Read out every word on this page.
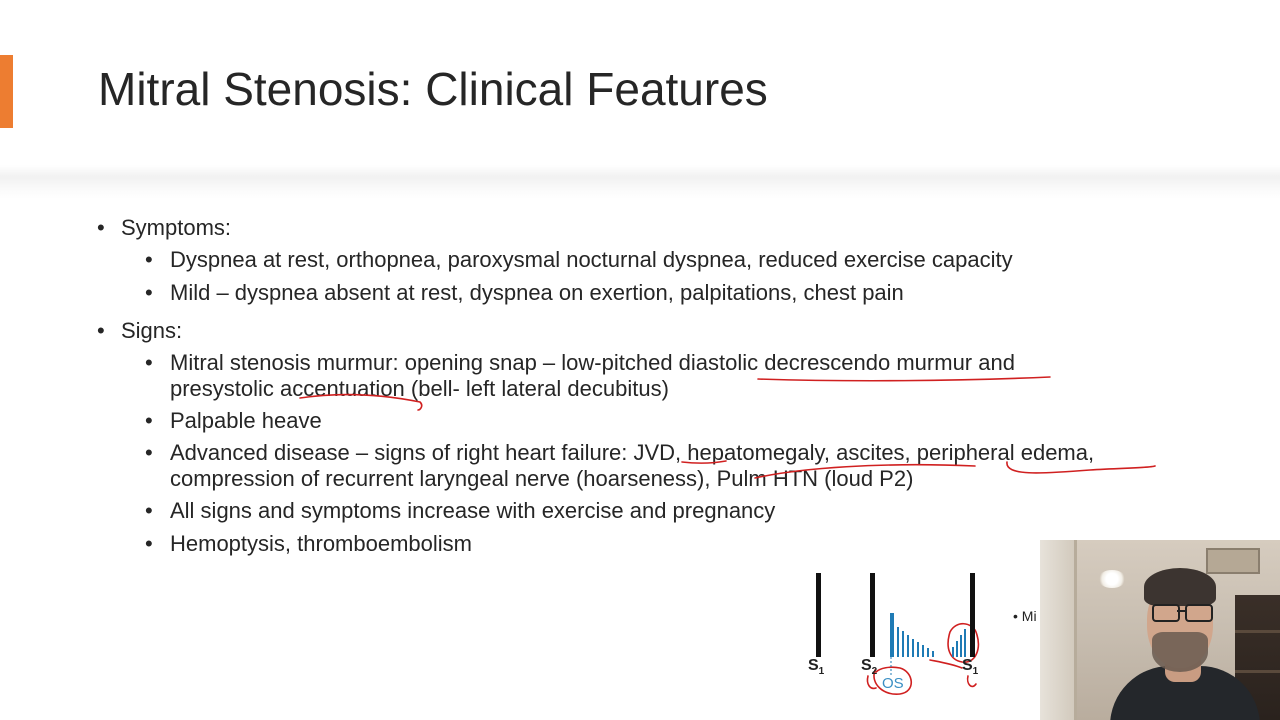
Mitral Stenosis: Clinical Features
• Symptoms:
• Dyspnea at rest, orthopnea, paroxysmal nocturnal dyspnea, reduced exercise capacity
• Mild – dyspnea absent at rest, dyspnea on exertion, palpitations, chest pain
• Signs:
• Mitral stenosis murmur: opening snap – low-pitched diastolic decrescendo murmur and
presystolic accentuation (bell- left lateral decubitus)
• Palpable heave
• Advanced disease – signs of right heart failure: JVD, hepatomegaly, ascites, peripheral edema,
compression of recurrent laryngeal nerve (hoarseness), Pulm HTN (loud P2)
• All signs and symptoms increase with exercise and pregnancy
• Hemoptysis, thromboembolism
$S_1$ $S_2$	$S_1$
OS
• Mi
